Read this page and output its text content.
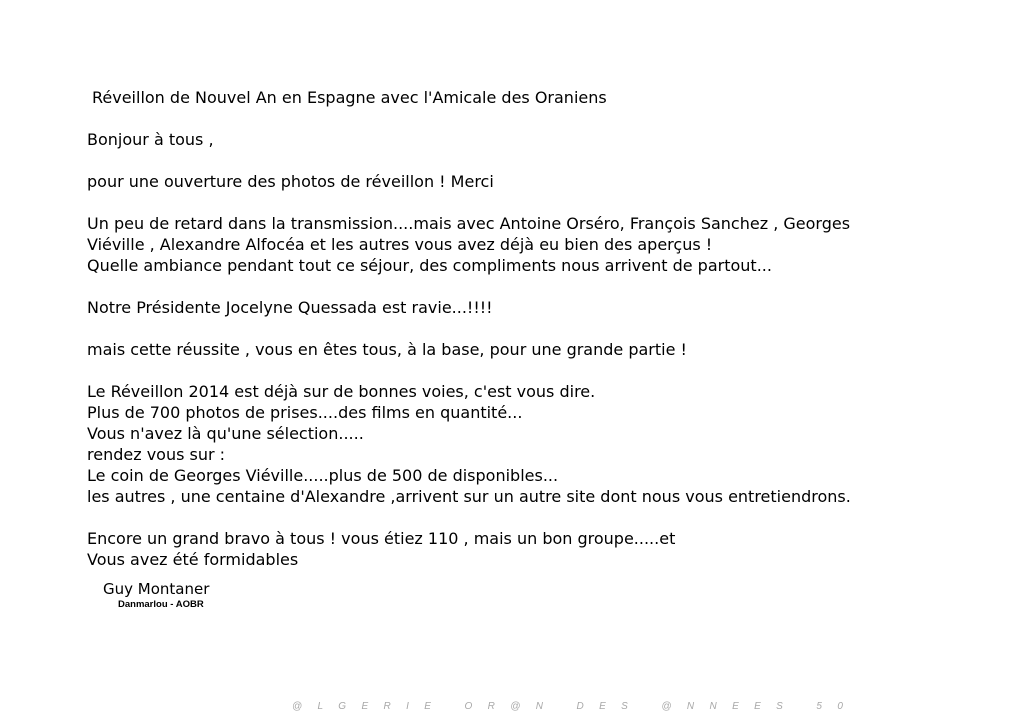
Réveillon de Nouvel An en Espagne avec l'Amicale des Oraniens
Bonjour à tous ,
pour une ouverture des photos de réveillon ! Merci
Un peu de retard dans la transmission....mais avec Antoine Orséro, François Sanchez , Georges
Viéville , Alexandre Alfocéa et les autres vous avez déjà eu bien des aperçus !
Quelle ambiance pendant tout ce séjour, des compliments nous arrivent de partout...
Notre Présidente Jocelyne Quessada est ravie...!!!!
mais cette réussite , vous en êtes tous, à la base, pour une grande partie !
Le Réveillon 2014 est déjà sur de bonnes voies, c'est vous dire.
Plus de 700 photos de prises....des films en quantité...
Vous n'avez là qu'une sélection.....
rendez vous sur :
Le coin de Georges Viéville.....plus de 500 de disponibles...
les autres , une centaine d'Alexandre ,arrivent sur un autre site dont nous vous entretiendrons.
Encore un grand bravo à tous ! vous étiez 110 , mais un bon groupe.....et
Vous avez été formidables
Guy Montaner
Danmarlou - AOBR
@ L G E R I E   O R @ N   D E S   @ N N E E S   5 0
